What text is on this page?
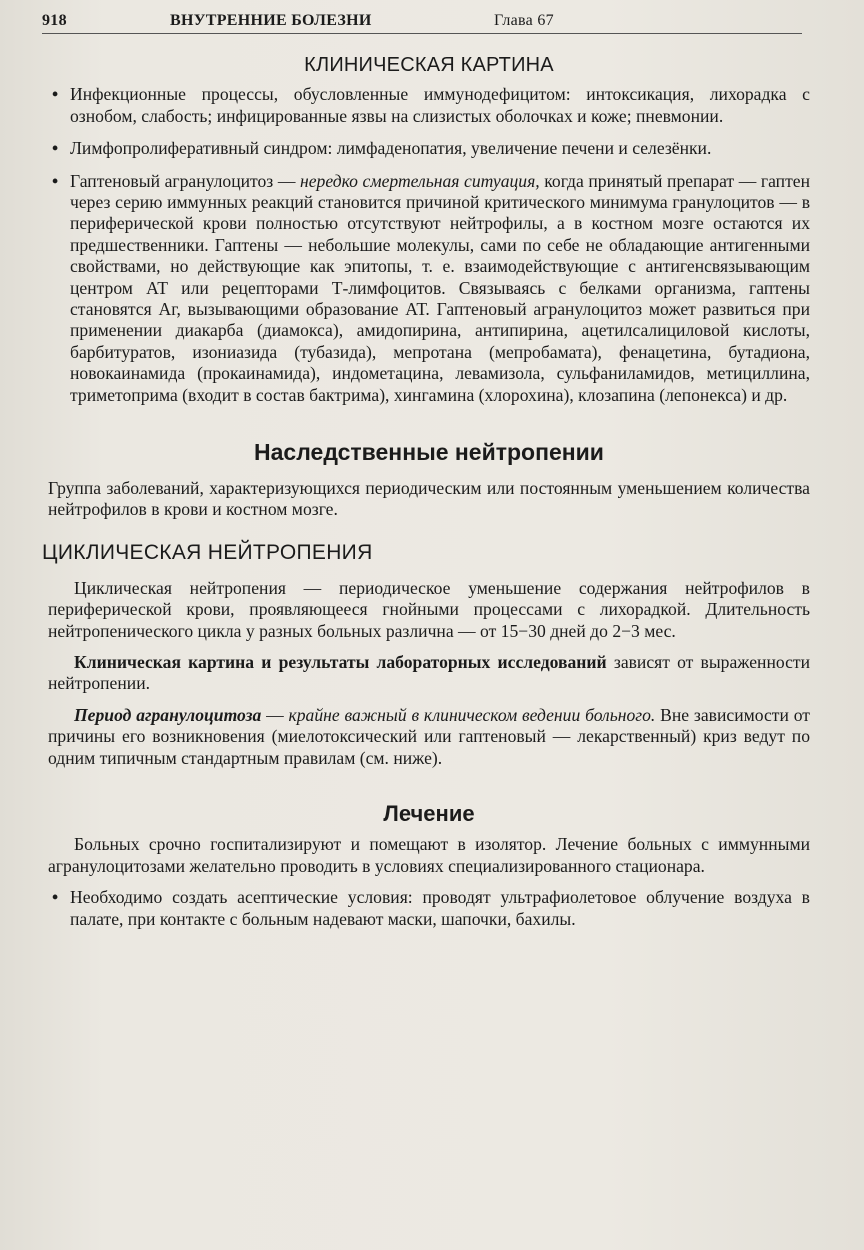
918	ВНУТРЕННИЕ БОЛЕЗНИ	Глава 67
КЛИНИЧЕСКАЯ КАРТИНА
• Инфекционные процессы, обусловленные иммунодефицитом: интоксикация, лихорадка с ознобом, слабость; инфицированные язвы на слизистых оболочках и коже; пневмонии.
• Лимфопролиферативный синдром: лимфаденопатия, увеличение печени и селезёнки.
• Гаптеновый агранулоцитоз — нередко смертельная ситуация, когда принятый препарат — гаптен через серию иммунных реакций становится причиной критического минимума гранулоцитов — в периферической крови полностью отсутствуют нейтрофилы, а в костном мозге остаются их предшественники. Гаптены — небольшие молекулы, сами по себе не обладающие антигенными свойствами, но действующие как эпитопы, т. е. взаимодействующие с антигенсвязывающим центром АТ или рецепторами Т-лимфоцитов. Связываясь с белками организма, гаптены становятся Аг, вызывающими образование АТ. Гаптеновый агранулоцитоз может развиться при применении диакарба (диамокса), амидопирина, антипирина, ацетилсалициловой кислоты, барбитуратов, изониазида (тубазида), мепротана (мепробамата), фенацетина, бутадиона, новокаинамида (прокаинамида), индометацина, левамизола, сульфаниламидов, метициллина, триметоприма (входит в состав бактрима), хингамина (хлорохина), клозапина (лепонекса) и др.
Наследственные нейтропении

Группа заболеваний, характеризующихся периодическим или постоянным уменьшением количества нейтрофилов в крови и костном мозге.

ЦИКЛИЧЕСКАЯ НЕЙТРОПЕНИЯ

Циклическая нейтропения — периодическое уменьшение содержания нейтрофилов в периферической крови, проявляющееся гнойными процессами с лихорадкой. Длительность нейтропенического цикла у разных больных различна — от 15−30 дней до 2−3 мес.

Клиническая картина и результаты лабораторных исследований зависят от выраженности нейтропении.

Период агранулоцитоза — крайне важный в клиническом ведении больного. Вне зависимости от причины его возникновения (миелотоксический или гаптеновый — лекарственный) криз ведут по одним типичным стандартным правилам (см. ниже).

Лечение

Больных срочно госпитализируют и помещают в изолятор. Лечение больных с иммунными агранулоцитозами желательно проводить в условиях специализированного стационара.

• Необходимо создать асептические условия: проводят ультрафиолетовое облучение воздуха в палате, при контакте с больным надевают маски, шапочки, бахилы.
